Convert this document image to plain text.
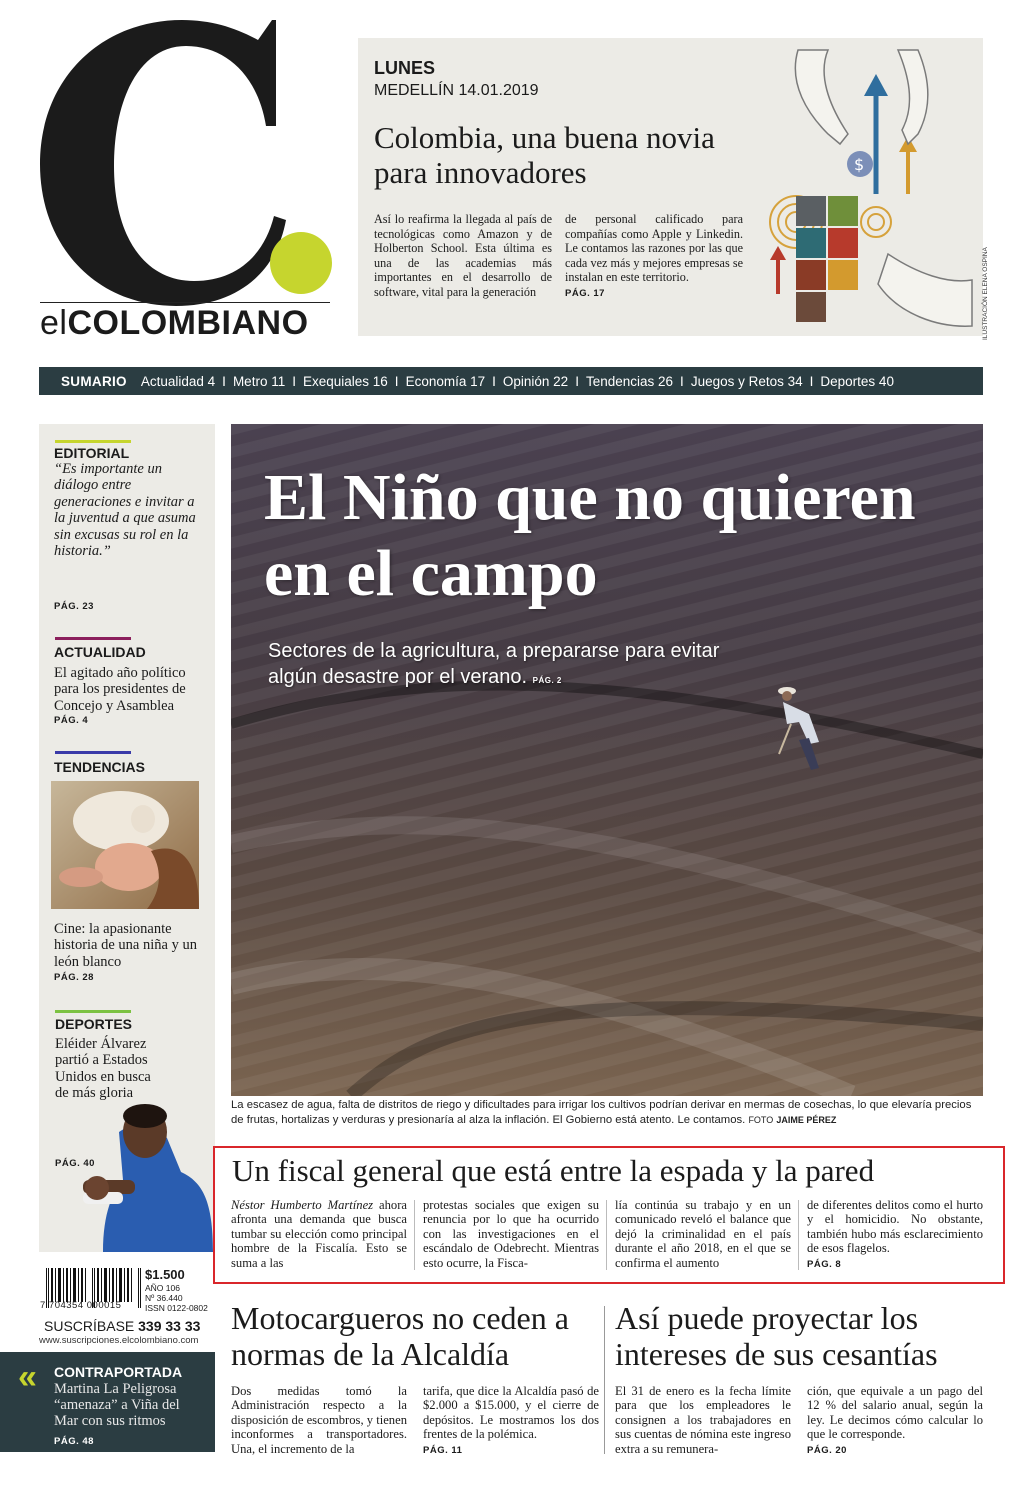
elCOLOMBIANO
LUNES
MEDELLÍN 14.01.2019
Colombia, una buena novia para innovadores
Así lo reafirma la llegada al país de tecnológicas como Amazon y de Holberton School. Esta última es una de las academias más importantes en el desarrollo de software, vital para la generación
de personal calificado para compañías como Apple y Linkedin. Le contamos las razones por las que cada vez más y mejores empresas se instalan en este territorio.
PÁG. 17
$
ILUSTRACIÓN ELENA OSPINA
SUMARIO Actualidad 4 I Metro 11 I Exequiales 16 I Economía 17 I Opinión 22 I Tendencias 26 I Juegos y Retos 34 I Deportes 40
EDITORIAL
“Es importante un diálogo entre generaciones e invitar a la juventud a que asuma sin excusas su rol en la historia.”
PÁG. 23
ACTUALIDAD
El agitado año político para los presidentes de Concejo y Asamblea
PÁG. 4
TENDENCIAS
Cine: la apasionante historia de una niña y un león blanco
PÁG. 28
DEPORTES
Eléider Álvarez partió a Estados Unidos en busca de más gloria
PÁG. 40
El Niño que no quieren en el campo
Sectores de la agricultura, a prepararse para evitar algún desastre por el verano. PÁG. 2
La escasez de agua, falta de distritos de riego y dificultades para irrigar los cultivos podrían derivar en mermas de cosechas, lo que elevaría precios de frutas, hortalizas y verduras y presionaría al alza la inflación. El Gobierno está atento. Le contamos. FOTO JAIME PÉREZ
Un fiscal general que está entre la espada y la pared
Néstor Humberto Martínez ahora afronta una demanda que busca tumbar su elección como principal hombre de la Fiscalía. Esto se suma a las
protestas sociales que exigen su renuncia por lo que ha ocurrido con las investigaciones en el escándalo de Odebrecht. Mientras esto ocurre, la Fisca-
lía continúa su trabajo y en un comunicado reveló el balance que dejó la criminalidad en el país durante el año 2018, en el que se confirma el aumento
de diferentes delitos como el hurto y el homicidio. No obstante, también hubo más esclarecimiento de esos flagelos.
PÁG. 8
7 704354 000015
$1.500
AÑO 106
Nº 36.440
ISSN 0122-0802
SUSCRÍBASE 339 33 33
www.suscripciones.elcolombiano.com
« CONTRAPORTADA
Martina La Peligrosa “amenaza” a Viña del Mar con sus ritmos
PÁG. 48
Motocargueros no ceden a normas de la Alcaldía
Dos medidas tomó la Administración respecto a la disposición de escombros, y tienen inconformes a transportadores. Una, el incremento de la
tarifa, que dice la Alcaldía pasó de $2.000 a $15.000, y el cierre de depósitos. Le mostramos los dos frentes de la polémica.
PÁG. 11
Así puede proyectar los intereses de sus cesantías
El 31 de enero es la fecha límite para que los empleadores le consignen a los trabajadores en sus cuentas de nómina este ingreso extra a su remunera-
ción, que equivale a un pago del 12 % del salario anual, según la ley. Le decimos cómo calcular lo que le corresponde.
PÁG. 20
